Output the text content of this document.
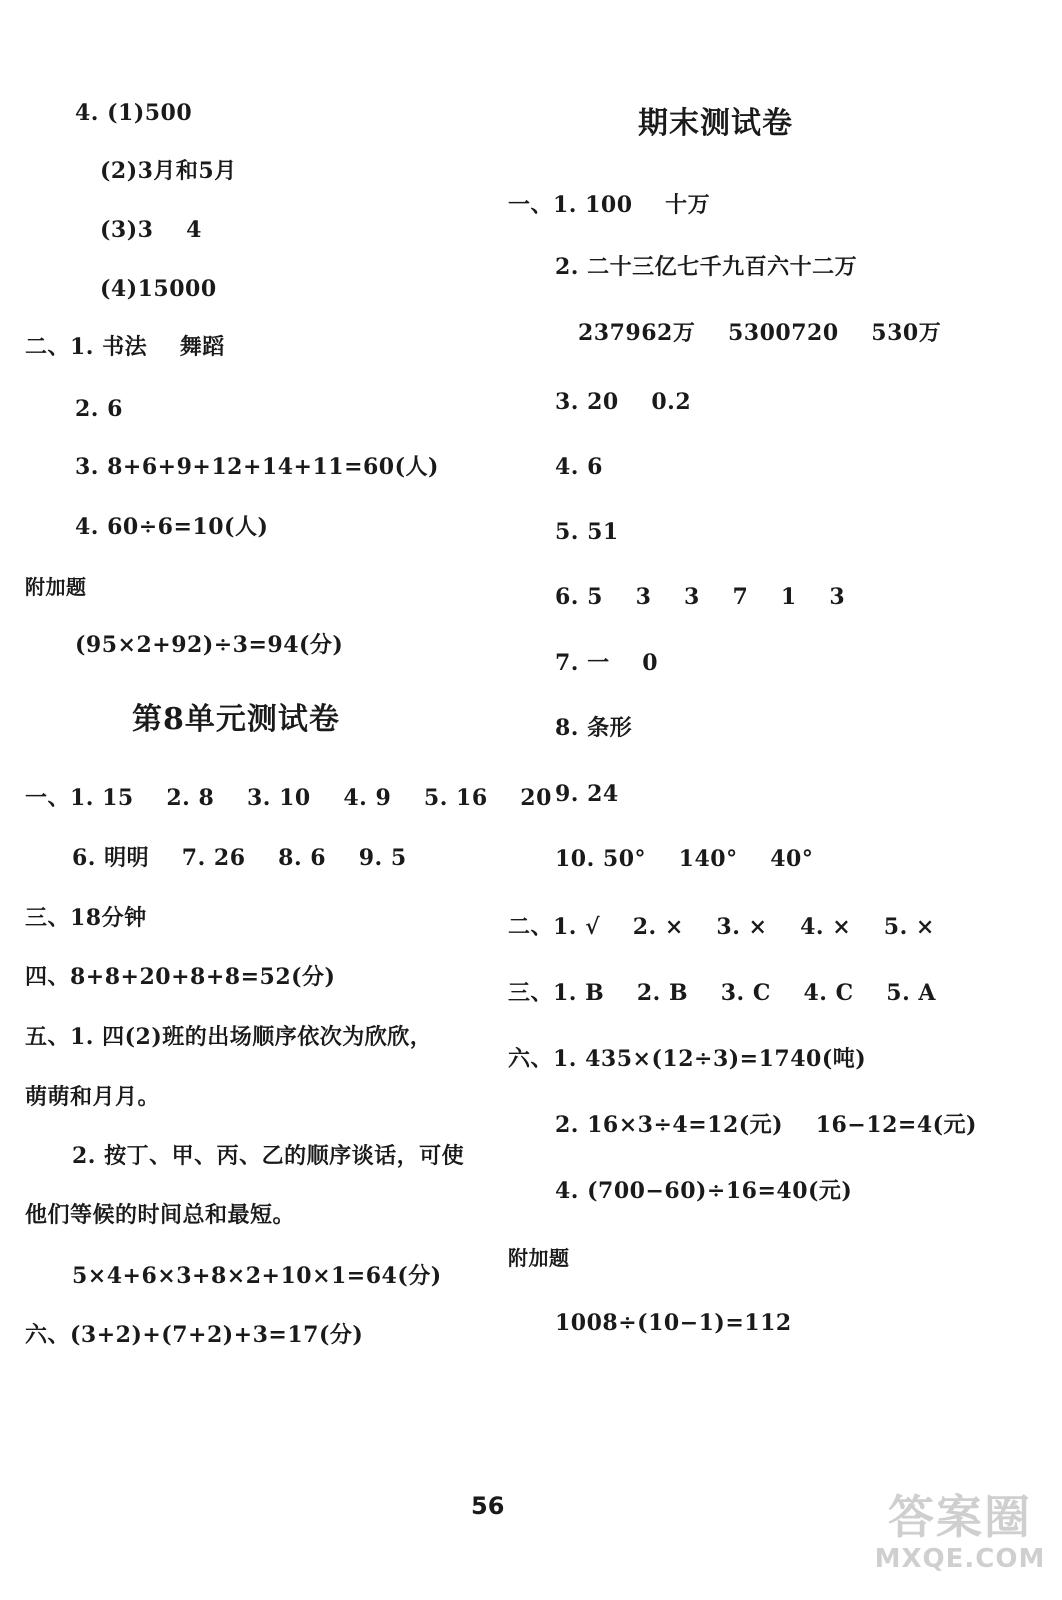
4. (1)500
(2)3月和5月
(3)3    4
(4)15000
二、1. 书法    舞蹈
2. 6
3. 8+6+9+12+14+11=60(人)
4. 60÷6=10(人)
附加题
(95×2+92)÷3=94(分)
第8单元测试卷
一、1. 15    2. 8    3. 10    4. 9    5. 16    20
6. 明明    7. 26    8. 6    9. 5
三、18分钟
四、8+8+20+8+8=52(分)
五、1. 四(2)班的出场顺序依次为欣欣，
萌萌和月月。
2. 按丁、甲、丙、乙的顺序谈话，可使
他们等候的时间总和最短。
5×4+6×3+8×2+10×1=64(分)
六、(3+2)+(7+2)+3=17(分)
期末测试卷
一、1. 100    十万
2. 二十三亿七千九百六十二万
237962万    5300720    530万
3. 20    0.2
4. 6
5. 51
6. 5    3    3    7    1    3
7. 一    0
8. 条形
9. 24
10. 50°    140°    40°
二、1. √    2. ×    3. ×    4. ×    5. ×
三、1. B    2. B    3. C    4. C    5. A
六、1. 435×(12÷3)=1740(吨)
2. 16×3÷4=12(元)    16−12=4(元)
4. (700−60)÷16=40(元)
附加题
1008÷(10−1)=112
56	答案圈
MXQE.COM
